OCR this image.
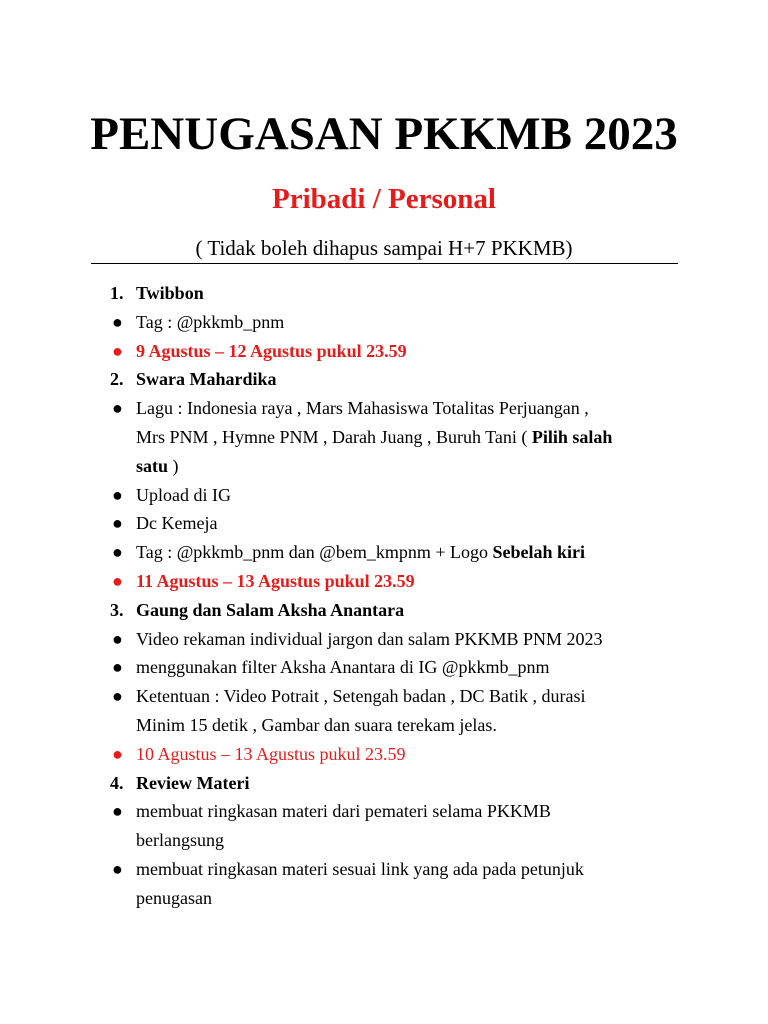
PENUGASAN PKKMB 2023
Pribadi / Personal
( Tidak boleh dihapus sampai H+7 PKKMB)
1. Twibbon
● Tag : @pkkmb_pnm
● 9 Agustus – 12 Agustus pukul 23.59
2. Swara Mahardika
● Lagu : Indonesia raya , Mars Mahasiswa Totalitas Perjuangan ,
Mrs PNM , Hymne PNM , Darah Juang , Buruh Tani ( Pilih salah
satu )
● Upload di IG
● Dc Kemeja
● Tag : @pkkmb_pnm dan @bem_kmpnm + Logo Sebelah kiri
● 11 Agustus – 13 Agustus pukul 23.59
3. Gaung dan Salam Aksha Anantara
● Video rekaman individual jargon dan salam PKKMB PNM 2023
● menggunakan filter Aksha Anantara di IG @pkkmb_pnm
● Ketentuan : Video Potrait , Setengah badan , DC Batik , durasi
Minim 15 detik , Gambar dan suara terekam jelas.
● 10 Agustus – 13 Agustus pukul 23.59
4. Review Materi
● membuat ringkasan materi dari pemateri selama PKKMB
berlangsung
● membuat ringkasan materi sesuai link yang ada pada petunjuk
penugasan
